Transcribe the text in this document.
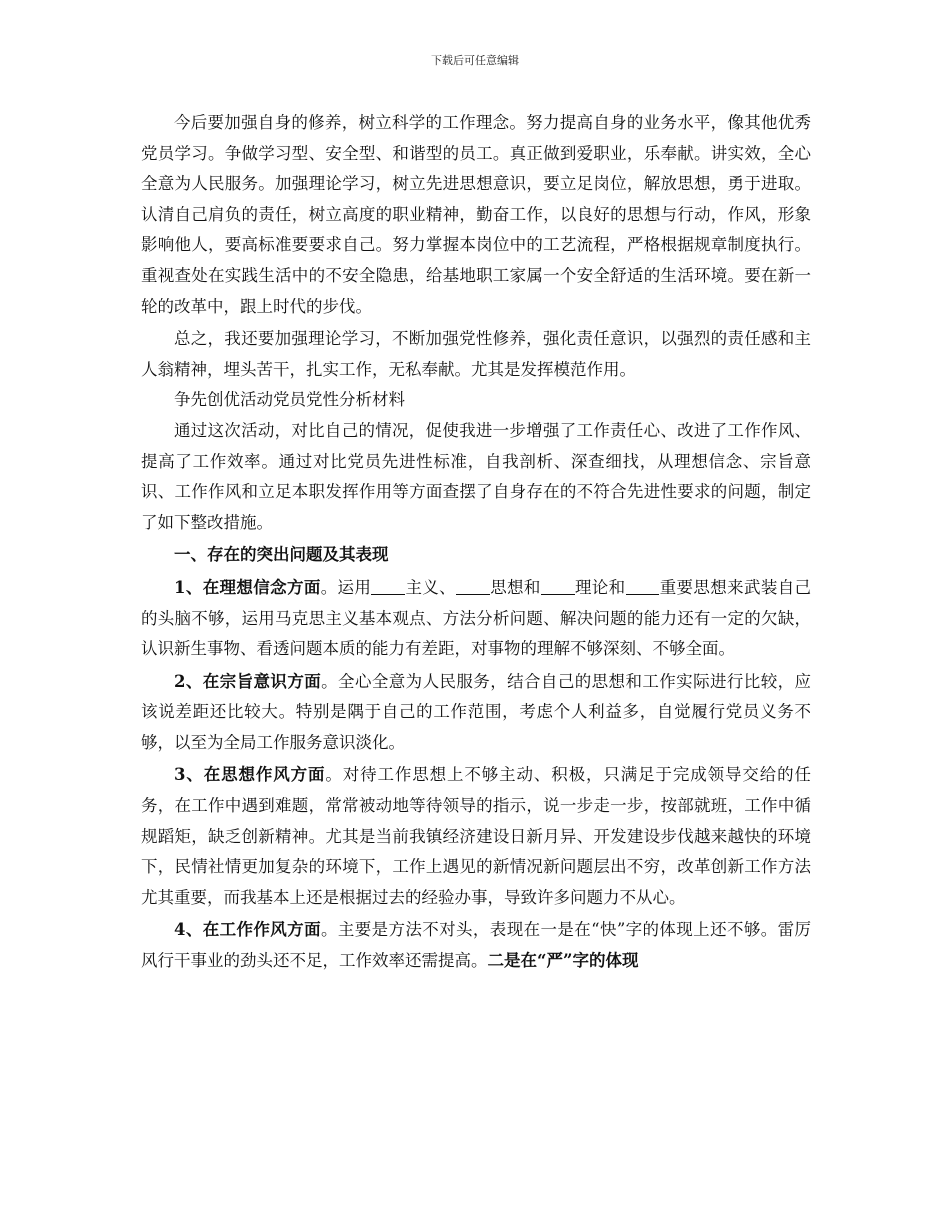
下载后可任意编辑

今后要加强自身的修养，树立科学的工作理念。努力提高自身的业务水平，像其他优秀党员学习。争做学习型、安全型、和谐型的员工。真正做到爱职业，乐奉献。讲实效，全心全意为人民服务。加强理论学习，树立先进思想意识，要立足岗位，解放思想，勇于进取。认清自己肩负的责任，树立高度的职业精神，勤奋工作，以良好的思想与行动，作风，形象影响他人，要高标准要要求自己。努力掌握本岗位中的工艺流程，严格根据规章制度执行。重视查处在实践生活中的不安全隐患，给基地职工家属一个安全舒适的生活环境。要在新一轮的改革中，跟上时代的步伐。

总之，我还要加强理论学习，不断加强党性修养，强化责任意识，以强烈的责任感和主人翁精神，埋头苦干，扎实工作，无私奉献。尤其是发挥模范作用。

争先创优活动党员党性分析材料

通过这次活动，对比自己的情况，促使我进一步增强了工作责任心、改进了工作作风、提高了工作效率。通过对比党员先进性标准，自我剖析、深查细找，从理想信念、宗旨意识、工作作风和立足本职发挥作用等方面查摆了自身存在的不符合先进性要求的问题，制定了如下整改措施。

一、存在的突出问题及其表现

1、在理想信念方面。运用 主义、 思想和 理论和 重要思想来武装自己的头脑不够，运用马克思主义基本观点、方法分析问题、解决问题的能力还有一定的欠缺，认识新生事物、看透问题本质的能力有差距，对事物的理解不够深刻、不够全面。

2、在宗旨意识方面。全心全意为人民服务，结合自己的思想和工作实际进行比较，应该说差距还比较大。特别是隅于自己的工作范围，考虑个人利益多，自觉履行党员义务不够，以至为全局工作服务意识淡化。

3、在思想作风方面。对待工作思想上不够主动、积极，只满足于完成领导交给的任务，在工作中遇到难题，常常被动地等待领导的指示，说一步走一步，按部就班，工作中循规蹈矩，缺乏创新精神。尤其是当前我镇经济建设日新月异、开发建设步伐越来越快的环境下，民情社情更加复杂的环境下，工作上遇见的新情况新问题层出不穷，改革创新工作方法尤其重要，而我基本上还是根据过去的经验办事，导致许多问题力不从心。

4、在工作作风方面。主要是方法不对头，表现在一是在“快”字的体现上还不够。雷厉风行干事业的劲头还不足，工作效率还需提高。二是在“严”字的体现
